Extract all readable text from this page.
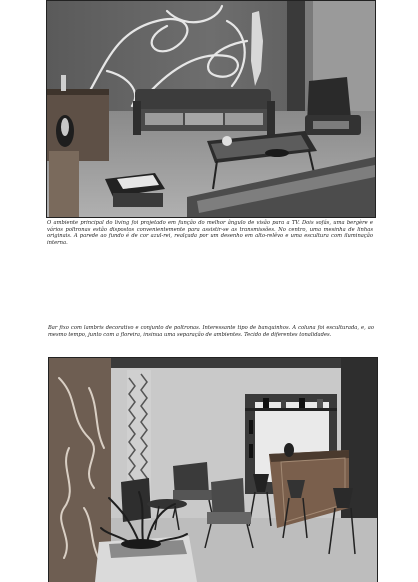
O ambiente principal do living foi projetado em função do melhor ângulo de visão para a TV. Dois sofás, uma bergère e vários poltronas estão dispostos convenientemente para assistir-se as transmissões. No centro, uma mesinha de linhas originais. A parede ao fundo é de cor azul-rei, realçada por um desenho em alto-relêvo e uma escultura com iluminação interna.

Bar fixo com lambris decorativo e conjunto de poltronas. Interessante tipo de banquinhos. A coluna foi esculturada, e, ao mesmo tempo, junto com a floreira, insinua uma separação de ambientes. Tecido de diferentes tonalidades.
